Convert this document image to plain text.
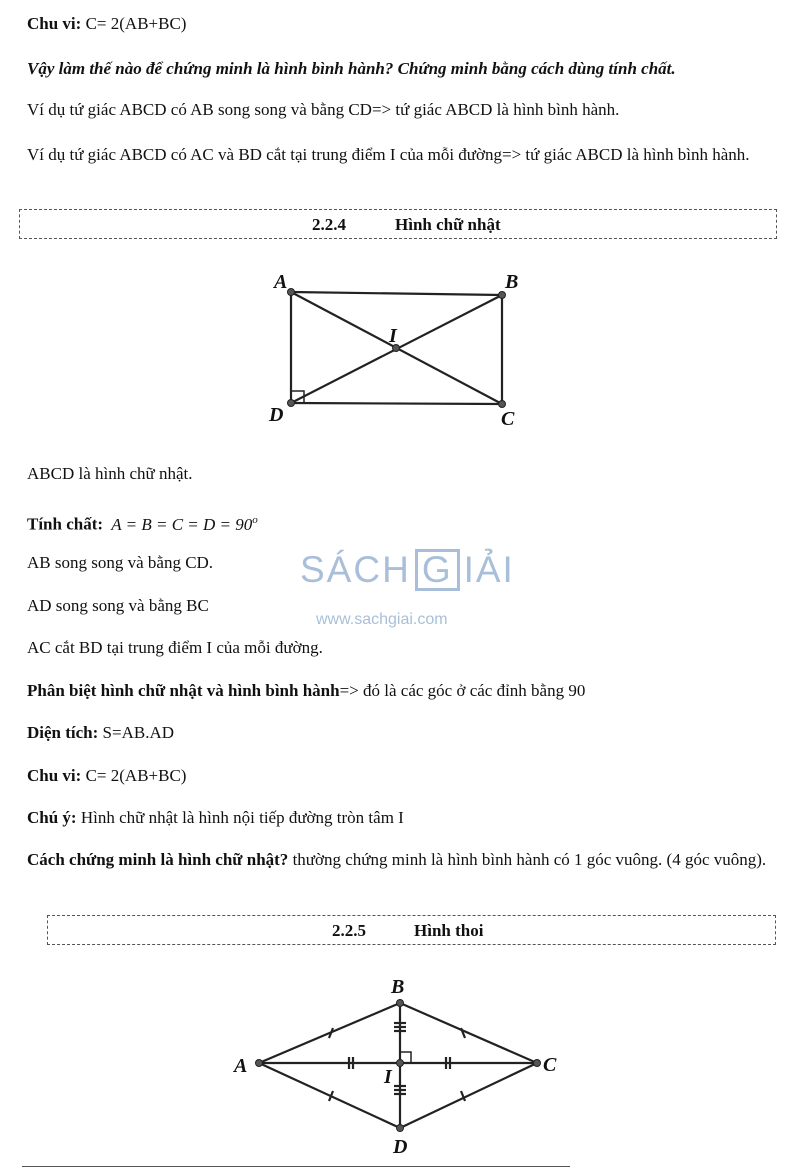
Chu vi: C= 2(AB+BC)
Vậy làm thế nào để chứng minh là hình bình hành? Chứng minh bằng cách dùng tính chất.
Ví dụ tứ giác ABCD có AB song song và bằng CD=> tứ giác ABCD là hình bình hành.
Ví dụ tứ giác ABCD có AC và BD cắt tại trung điểm I của mỗi đường=> tứ giác ABCD là hình bình hành.
2.2.4	Hình chữ nhật
A	B
D	C
I
B
A	C
D
I
ABCD là hình chữ nhật.
Tính chất: $A = B = C = D = 90^o$
AB song song và bằng CD.
AD song song và bằng BC
AC cắt BD tại trung điểm I của mỗi đường.
Phân biệt hình chữ nhật và hình bình hành=> đó là các góc ở các đỉnh bằng 90
Diện tích: S=AB.AD
Chu vi: C= 2(AB+BC)
Chú ý: Hình chữ nhật là hình nội tiếp đường tròn tâm I
Cách chứng minh là hình chữ nhật? thường chứng minh là hình bình hành có 1 góc vuông. (4 góc vuông).
2.2.5	Hình thoi
SÁCH G IẢI
www.sachgiai.com
